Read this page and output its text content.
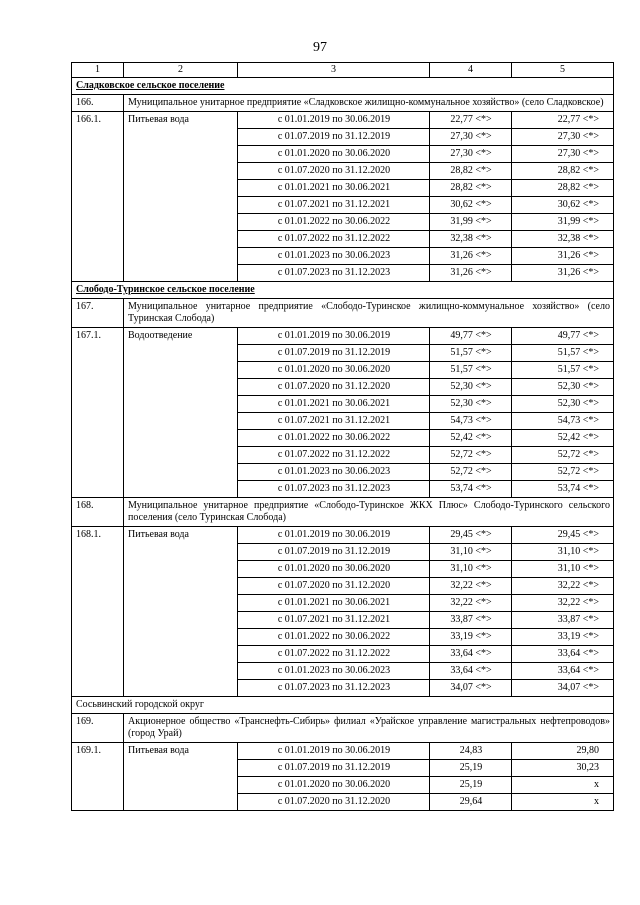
97
1	2	3	4	5
Сладковское сельское поселение				
166.	Муниципальное унитарное предприятие «Сладковское жилищно-коммунальное хозяйство» (село Сладковское)			
166.1.	Питьевая вода	с 01.01.2019 по 30.06.2019	22,77 <*>	22,77 <*>
		с 01.07.2019 по 31.12.2019	27,30 <*>	27,30 <*>
		с 01.01.2020 по 30.06.2020	27,30 <*>	27,30 <*>
		с 01.07.2020 по 31.12.2020	28,82 <*>	28,82 <*>
		с 01.01.2021 по 30.06.2021	28,82 <*>	28,82 <*>
		с 01.07.2021 по 31.12.2021	30,62 <*>	30,62 <*>
		с 01.01.2022 по 30.06.2022	31,99 <*>	31,99 <*>
		с 01.07.2022 по 31.12.2022	32,38 <*>	32,38 <*>
		с 01.01.2023 по 30.06.2023	31,26 <*>	31,26 <*>
		с 01.07.2023 по 31.12.2023	31,26 <*>	31,26 <*>
Слободо-Туринское сельское поселение				
167.	Муниципальное унитарное предприятие «Слободо-Туринское жилищно-коммунальное хозяйство» (село Туринская Слобода)			
167.1.	Водоотведение	с 01.01.2019 по 30.06.2019	49,77 <*>	49,77 <*>
		с 01.07.2019 по 31.12.2019	51,57 <*>	51,57 <*>
		с 01.01.2020 по 30.06.2020	51,57 <*>	51,57 <*>
		с 01.07.2020 по 31.12.2020	52,30 <*>	52,30 <*>
		с 01.01.2021 по 30.06.2021	52,30 <*>	52,30 <*>
		с 01.07.2021 по 31.12.2021	54,73 <*>	54,73 <*>
		с 01.01.2022 по 30.06.2022	52,42 <*>	52,42 <*>
		с 01.07.2022 по 31.12.2022	52,72 <*>	52,72 <*>
		с 01.01.2023 по 30.06.2023	52,72 <*>	52,72 <*>
		с 01.07.2023 по 31.12.2023	53,74 <*>	53,74 <*>
168.	Муниципальное унитарное предприятие «Слободо-Туринское ЖКХ Плюс» Слободо-Туринского сельского поселения (село Туринская Слобода)			
168.1.	Питьевая вода	с 01.01.2019 по 30.06.2019	29,45 <*>	29,45 <*>
		с 01.07.2019 по 31.12.2019	31,10 <*>	31,10 <*>
		с 01.01.2020 по 30.06.2020	31,10 <*>	31,10 <*>
		с 01.07.2020 по 31.12.2020	32,22 <*>	32,22 <*>
		с 01.01.2021 по 30.06.2021	32,22 <*>	32,22 <*>
		с 01.07.2021 по 31.12.2021	33,87 <*>	33,87 <*>
		с 01.01.2022 по 30.06.2022	33,19 <*>	33,19 <*>
		с 01.07.2022 по 31.12.2022	33,64 <*>	33,64 <*>
		с 01.01.2023 по 30.06.2023	33,64 <*>	33,64 <*>
		с 01.07.2023 по 31.12.2023	34,07 <*>	34,07 <*>
Сосьвинский городской округ				
169.	Акционерное общество «Транснефть-Сибирь» филиал «Урайское управление магистральных нефтепроводов» (город Урай)			
169.1.	Питьевая вода	с 01.01.2019 по 30.06.2019	24,83	29,80
		с 01.07.2019 по 31.12.2019	25,19	30,23
		с 01.01.2020 по 30.06.2020	25,19	x
		с 01.07.2020 по 31.12.2020	29,64	x
